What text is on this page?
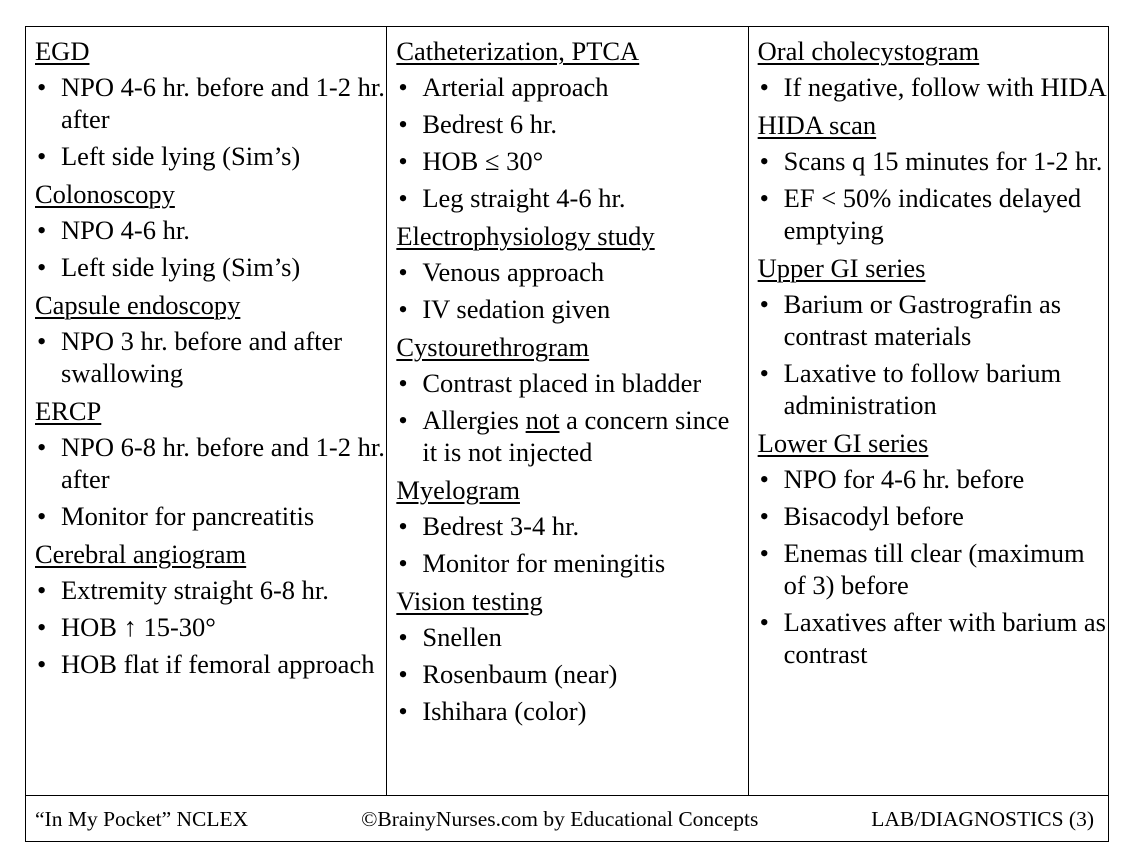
EGD
• NPO 4-6 hr. before and 1-2 hr. after
• Left side lying (Sim’s)
Colonoscopy
• NPO 4-6 hr.
• Left side lying (Sim’s)
Capsule endoscopy
• NPO 3 hr. before and after swallowing
ERCP
• NPO 6-8 hr. before and 1-2 hr. after
• Monitor for pancreatitis
Cerebral angiogram
• Extremity straight 6-8 hr.
• HOB ↑ 15-30°
• HOB flat if femoral approach
Catheterization, PTCA
• Arterial approach
• Bedrest 6 hr.
• HOB ≤ 30°
• Leg straight 4-6 hr.
Electrophysiology study
• Venous approach
• IV sedation given
Cystourethrogram
• Contrast placed in bladder
• Allergies not a concern since it is not injected
Myelogram
• Bedrest 3-4 hr.
• Monitor for meningitis
Vision testing
• Snellen
• Rosenbaum (near)
• Ishihara (color)
Oral cholecystogram
• If negative, follow with HIDA
HIDA scan
• Scans q 15 minutes for 1-2 hr.
• EF < 50% indicates delayed emptying
Upper GI series
• Barium or Gastrografin as contrast materials
• Laxative to follow barium administration
Lower GI series
• NPO for 4-6 hr. before
• Bisacodyl before
• Enemas till clear (maximum of 3) before
• Laxatives after with barium as contrast
“In My Pocket” NCLEX	©BrainyNurses.com by Educational Concepts	LAB/DIAGNOSTICS (3)
